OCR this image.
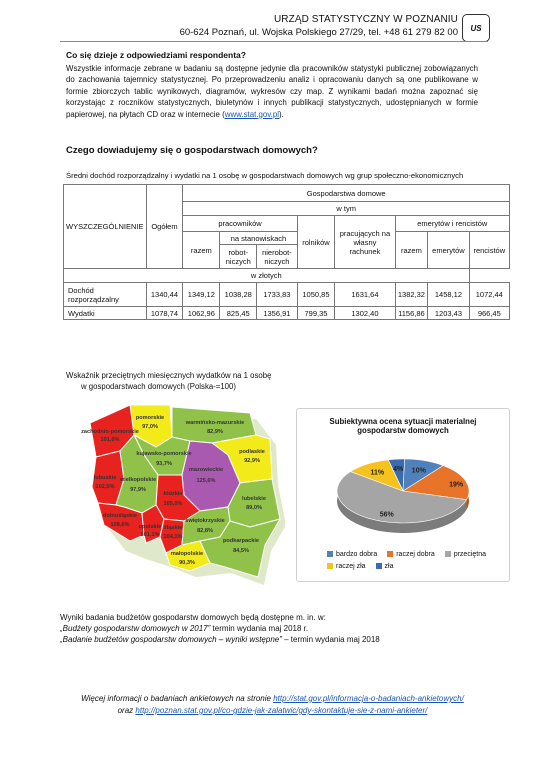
URZĄD STATYSTYCZNY W POZNANIU
60-624 Poznań, ul. Wojska Polskiego 27/29, tel. +48 61 279 82 00 US
Co się dzieje z odpowiedziami respondenta?
Wszystkie informacje zebrane w badaniu są dostępne jedynie dla pracowników statystyki publicznej zobowiązanych do zachowania tajemnicy statystycznej. Po przeprowadzeniu analiz i opracowaniu danych są one publikowane w formie zbiorczych tablic wynikowych, diagramów, wykresów czy map. Z wynikami badań można zapoznać się korzystając z roczników statystycznych, biuletynów i innych publikacji statystycznych, udostępnianych w formie papierowej, na płytach CD oraz w internecie (www.stat.gov.pl).
Czego dowiadujemy się o gospodarstwach domowych?
Średni dochód rozporządzalny i wydatki na 1 osobę w gospodarstwach domowych wg grup społeczno-ekonomicznych
WYSZCZEGÓLNIENIE	Ogółem	Gospodarstwa domowe							
		w tym							
		pracowników			rolników	pracujących na własny rachunek	emerytów i rencistów		
		razem	na stanowiskach				razem	emerytów	rencistów
			robot-niczych	nierobot-niczych					
w złotych									
Dochód rozporządzalny	1340,44	1349,12	1038,28	1733,83	1050,85	1631,64	1382,32	1458,12	1072,44
Wydatki	1078,74	1062,96	825,45	1356,91	799,35	1302,40	1156,86	1203,43	966,45
Wskaźnik przeciętnych miesięcznych wydatków na 1 osobę
w gospodarstwach domowych (Polska-=100)
pomorskie
97,0%
warmińsko-mazurskie
82,9%
zachodnio-pomorskie
101,6%
kujawsko-pomorskie
93,7%
podlaskie
92,9%
lubuskie
102,5%
wielkopolskie
97,9%
mazowieckie
125,6%
łódzkie
105,0%
dolnośląskie
108,6%
lubelskie
89,0%
opolskie
101,1%
śląskie
104,1%
świętokrzyskie
82,8%
małopolskie
90,3%
podkarpackie
84,5%
Subiektywna ocena sytuacji materialnej gospodarstw domowych
4% 10%
19%
56%
11%
bardzo dobra	raczej dobra	przeciętna
raczej zła	zła
Wyniki badania budżetów gospodarstw domowych będą dostępne m. in. w:
„Budżety gospodarstw domowych w 2017” termin wydania maj 2018 r.
„Badanie budżetów gospodarstw domowych – wyniki wstępne” – termin wydania maj 2018
Więcej informacji o badaniach ankietowych na stronie http://stat.gov.pl/informacja-o-badaniach-ankietowych/
oraz http://poznan.stat.gov.pl/co-gdzie-jak-zalatwic/gdy-skontaktuje-sie-z-nami-ankieter/
